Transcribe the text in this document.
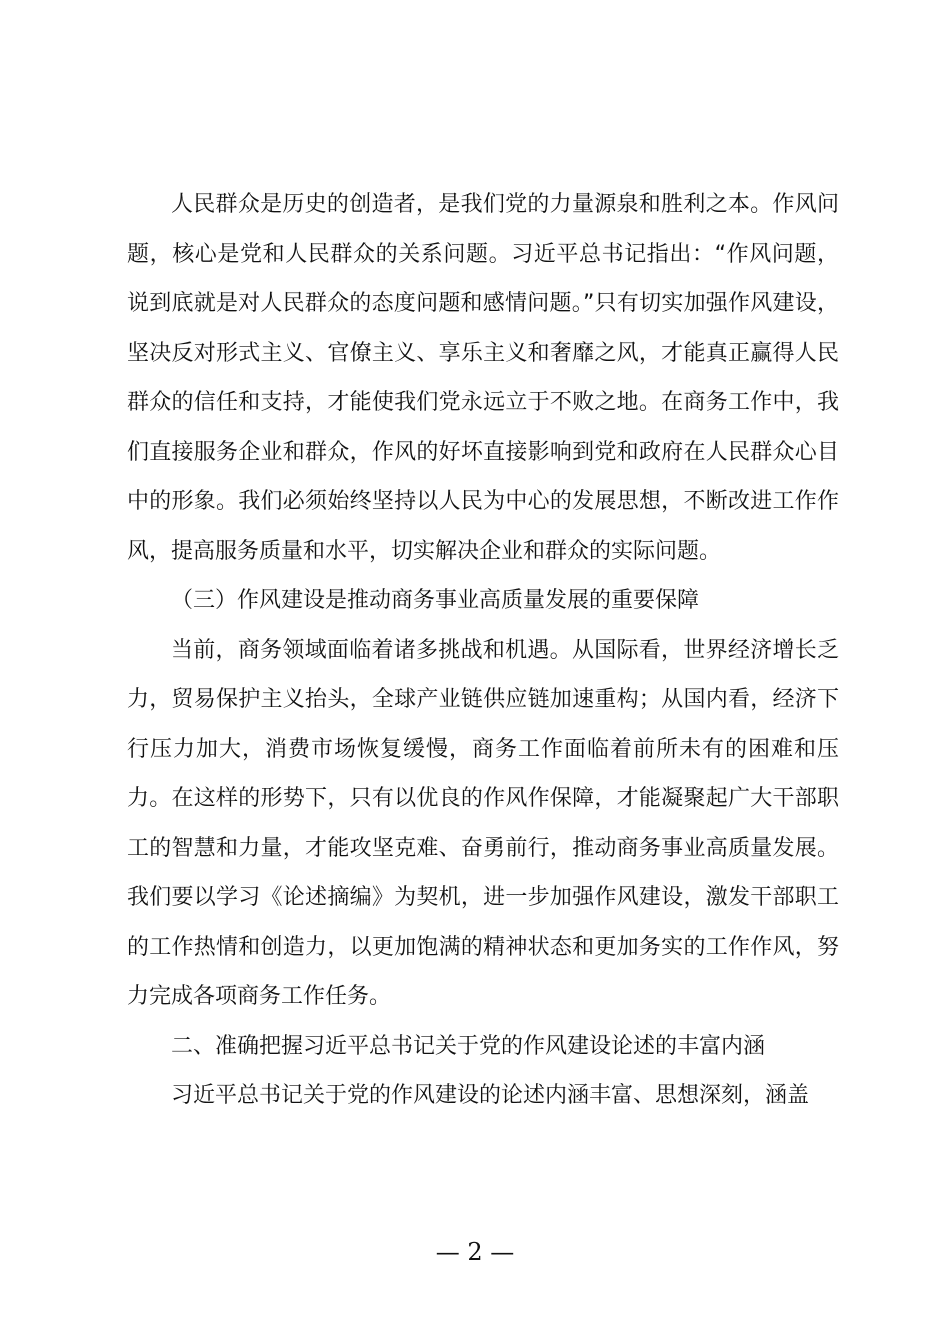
人民群众是历史的创造者，是我们党的力量源泉和胜利之本。作风问题，核心是党和人民群众的关系问题。习近平总书记指出：“作风问题，说到底就是对人民群众的态度问题和感情问题。”只有切实加强作风建设，坚决反对形式主义、官僚主义、享乐主义和奢靡之风，才能真正赢得人民群众的信任和支持，才能使我们党永远立于不败之地。在商务工作中，我们直接服务企业和群众，作风的好坏直接影响到党和政府在人民群众心目中的形象。我们必须始终坚持以人民为中心的发展思想，不断改进工作作风，提高服务质量和水平，切实解决企业和群众的实际问题。

（三）作风建设是推动商务事业高质量发展的重要保障

当前，商务领域面临着诸多挑战和机遇。从国际看，世界经济增长乏力，贸易保护主义抬头，全球产业链供应链加速重构；从国内看，经济下行压力加大，消费市场恢复缓慢，商务工作面临着前所未有的困难和压力。在这样的形势下，只有以优良的作风作保障，才能凝聚起广大干部职工的智慧和力量，才能攻坚克难、奋勇前行，推动商务事业高质量发展。我们要以学习《论述摘编》为契机，进一步加强作风建设，激发干部职工的工作热情和创造力，以更加饱满的精神状态和更加务实的工作作风，努力完成各项商务工作任务。

二、准确把握习近平总书记关于党的作风建设论述的丰富内涵

习近平总书记关于党的作风建设的论述内涵丰富、思想深刻，涵盖

— 2 —
